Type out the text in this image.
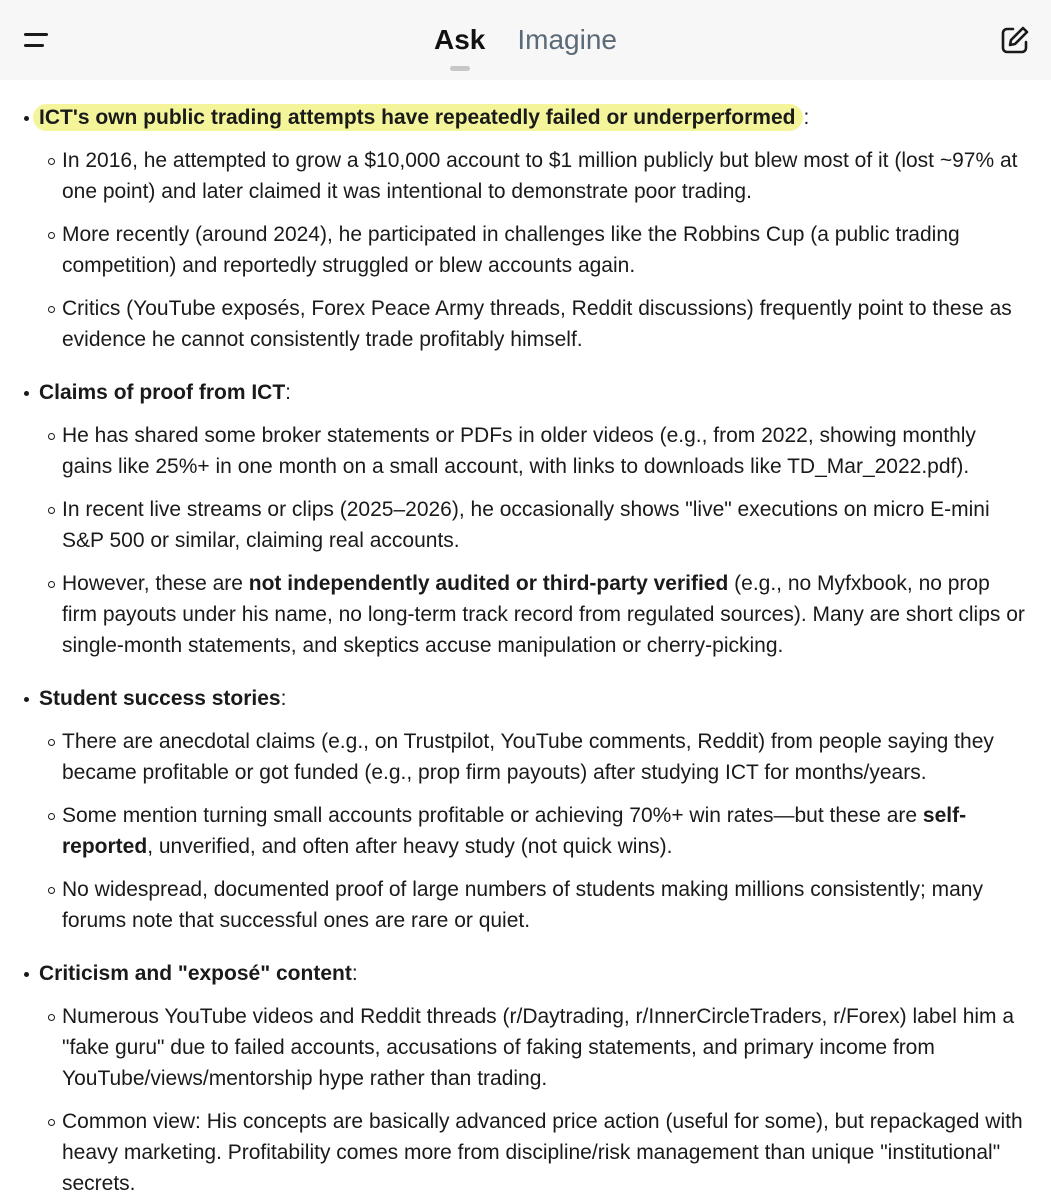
Ask Imagine
ICT's own public trading attempts have repeatedly failed or underperformed :
In 2016, he attempted to grow a $10,000 account to $1 million publicly but blew most of it (lost ~97% at one point) and later claimed it was intentional to demonstrate poor trading.
More recently (around 2024), he participated in challenges like the Robbins Cup (a public trading competition) and reportedly struggled or blew accounts again.
Critics (YouTube exposés, Forex Peace Army threads, Reddit discussions) frequently point to these as evidence he cannot consistently trade profitably himself.
Claims of proof from ICT:
He has shared some broker statements or PDFs in older videos (e.g., from 2022, showing monthly gains like 25%+ in one month on a small account, with links to downloads like TD_Mar_2022.pdf).
In recent live streams or clips (2025–2026), he occasionally shows "live" executions on micro E-mini S&P 500 or similar, claiming real accounts.
However, these are not independently audited or third-party verified (e.g., no Myfxbook, no prop firm payouts under his name, no long-term track record from regulated sources). Many are short clips or single-month statements, and skeptics accuse manipulation or cherry-picking.
Student success stories:
There are anecdotal claims (e.g., on Trustpilot, YouTube comments, Reddit) from people saying they became profitable or got funded (e.g., prop firm payouts) after studying ICT for months/years.
Some mention turning small accounts profitable or achieving 70%+ win rates—but these are self-reported, unverified, and often after heavy study (not quick wins).
No widespread, documented proof of large numbers of students making millions consistently; many forums note that successful ones are rare or quiet.
Criticism and "exposé" content:
Numerous YouTube videos and Reddit threads (r/Daytrading, r/InnerCircleTraders, r/Forex) label him a "fake guru" due to failed accounts, accusations of faking statements, and primary income from YouTube/views/mentorship hype rather than trading.
Common view: His concepts are basically advanced price action (useful for some), but repackaged with heavy marketing. Profitability comes more from discipline/risk management than unique "institutional" secrets.
